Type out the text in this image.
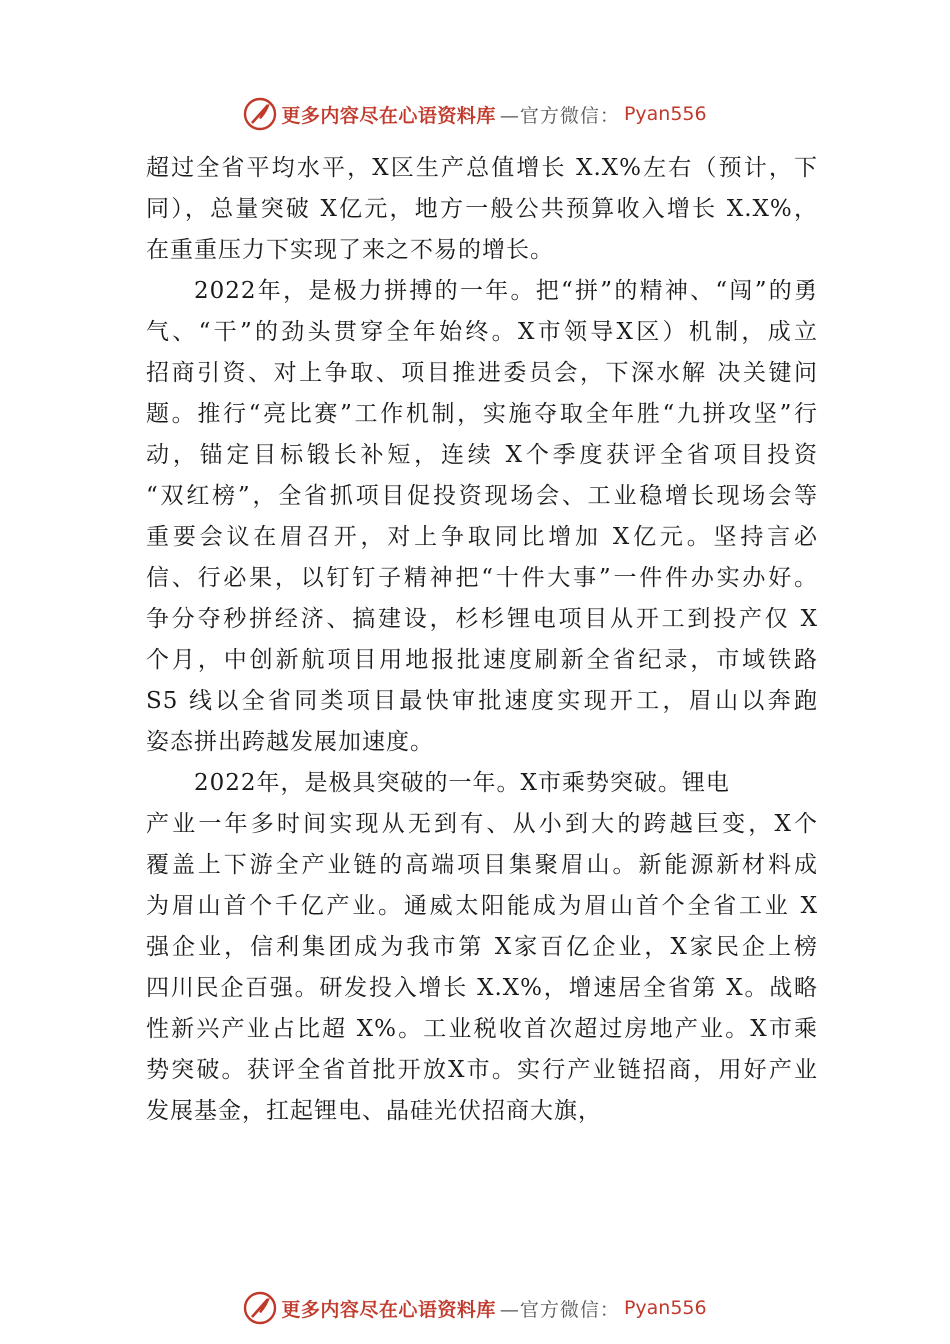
更多内容尽在心语资料库 —官方微信： Pyan556
超过全省平均水平，X区生产总值增长 X.X%左右（预计，下
同），总量突破 X亿元，地方一般公共预算收入增长 X.X%，
在重重压力下实现了来之不易的增长。
2022年，是极力拼搏的一年。把“拼”的精神、“闯”的勇
气、“干”的劲头贯穿全年始终。X市领导X区）机制，成立
招商引资、对上争取、项目推进委员会，下深水解 决关键问
题。推行“亮比赛”工作机制，实施夺取全年胜“九拼攻坚”行
动，锚定目标锻长补短，连续 X个季度获评全省项目投资
“双红榜”，全省抓项目促投资现场会、工业稳增长现场会等
重要会议在眉召开，对上争取同比增加 X亿元。坚持言必
信、行必果，以钉钉子精神把“十件大事”一件件办实办好。
争分夺秒拼经济、搞建设，杉杉锂电项目从开工到投产仅 X
个月，中创新航项目用地报批速度刷新全省纪录，市域铁路
S5 线以全省同类项目最快审批速度实现开工，眉山以奔跑
姿态拼出跨越发展加速度。
2022年，是极具突破的一年。X市乘势突破。锂电
产业一年多时间实现从无到有、从小到大的跨越巨变，X个
覆盖上下游全产业链的高端项目集聚眉山。新能源新材料成
为眉山首个千亿产业。通威太阳能成为眉山首个全省工业 X
强企业，信利集团成为我市第 X家百亿企业，X家民企上榜
四川民企百强。研发投入增长 X.X%，增速居全省第 X。战略
性新兴产业占比超 X%。工业税收首次超过房地产业。X市乘
势突破。获评全省首批开放X市。实行产业链招商，用好产业
发展基金，扛起锂电、晶硅光伏招商大旗，
更多内容尽在心语资料库 —官方微信： Pyan556
